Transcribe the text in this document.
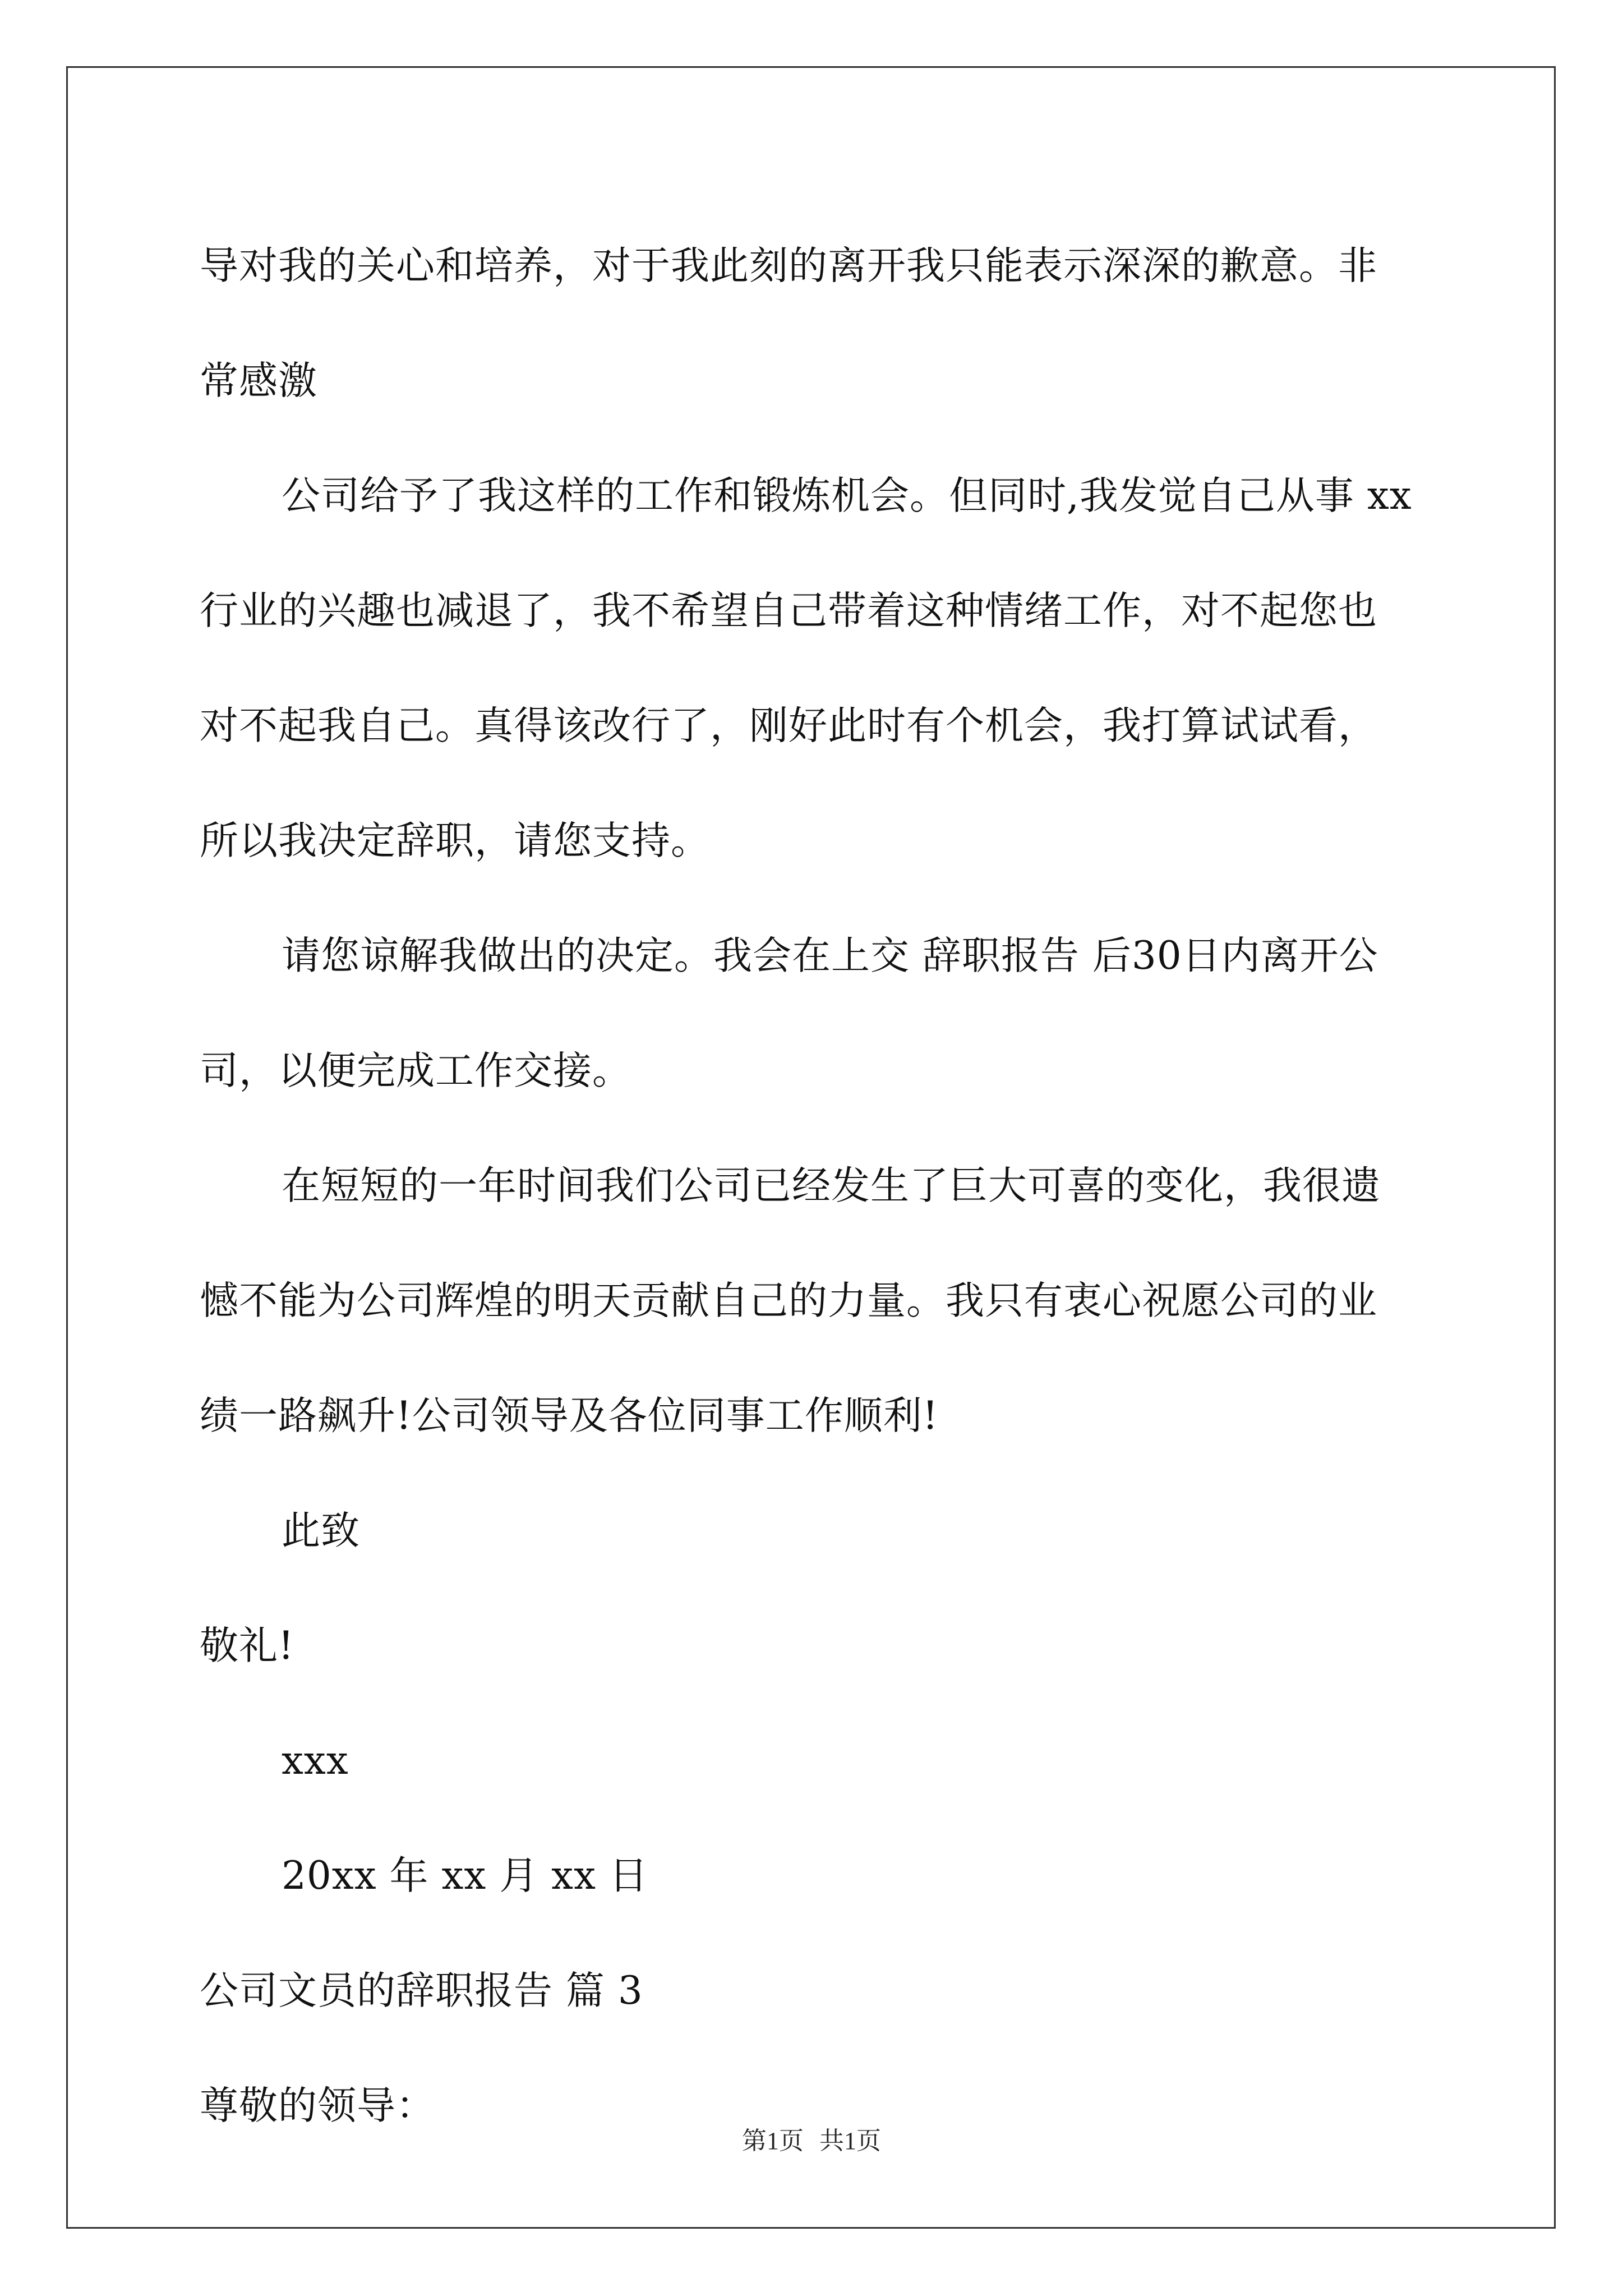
导对我的关心和培养，对于我此刻的离开我只能表示深深的歉意。非
常感激
公司给予了我这样的工作和锻炼机会。但同时,我发觉自己从事 xx
行业的兴趣也减退了，我不希望自己带着这种情绪工作，对不起您也
对不起我自己。真得该改行了，刚好此时有个机会，我打算试试看，
所以我决定辞职，请您支持。
请您谅解我做出的决定。我会在上交 辞职报告 后30日内离开公
司，以便完成工作交接。
在短短的一年时间我们公司已经发生了巨大可喜的变化，我很遗
憾不能为公司辉煌的明天贡献自己的力量。我只有衷心祝愿公司的业
绩一路飙升!公司领导及各位同事工作顺利!
此致
敬礼!
xxx
20xx 年 xx 月 xx 日
公司文员的辞职报告 篇 3
尊敬的领导：
第1页 共1页
